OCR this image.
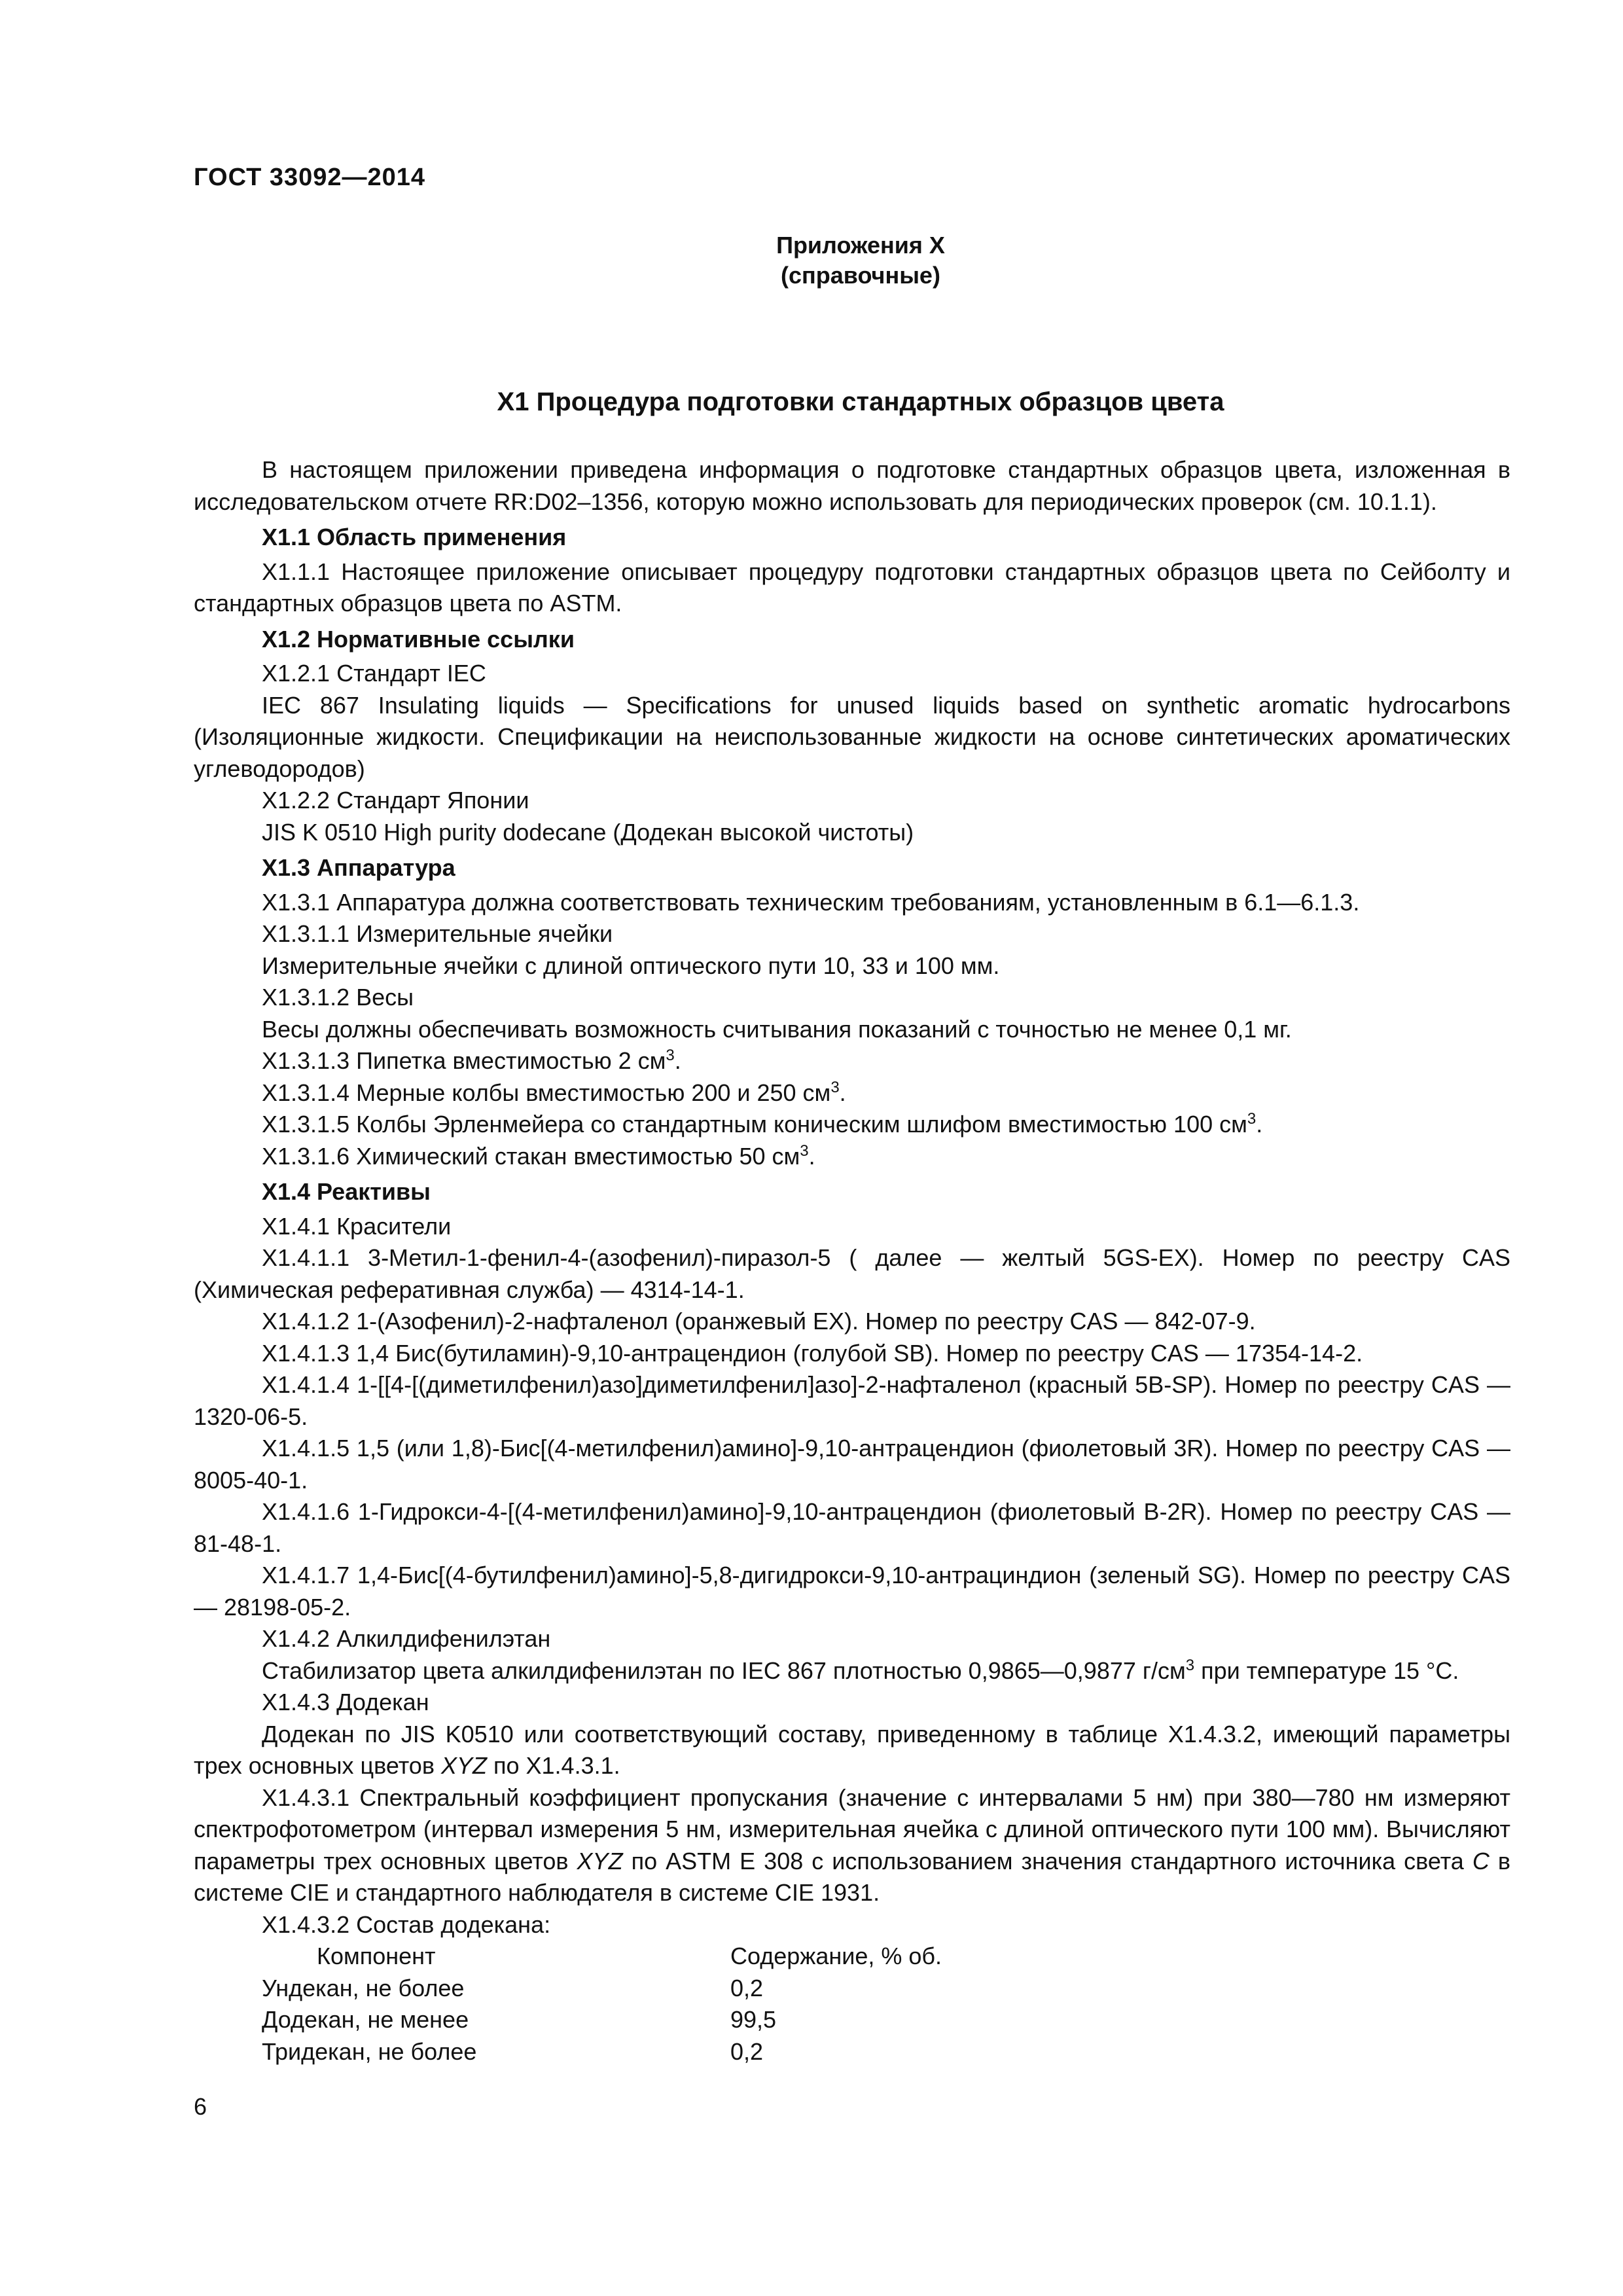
ГОСТ 33092—2014
Приложения Х
(справочные)
Х1 Процедура подготовки стандартных образцов цвета

В настоящем приложении приведена информация о подготовке стандартных образцов цвета, изложенная в исследовательском отчете RR:D02–1356, которую можно использовать для периодических проверок (см. 10.1.1).

Х1.1 Область применения

Х1.1.1 Настоящее приложение описывает процедуру подготовки стандартных образцов цвета по Сейболту и стандартных образцов цвета по ASTM.

Х1.2 Нормативные ссылки

Х1.2.1 Стандарт IEC

IEC 867 Insulating liquids — Specifications for unused liquids based on synthetic aromatic hydrocarbons (Изоляционные жидкости. Спецификации на неиспользованные жидкости на основе синтетических ароматических углеводородов)

Х1.2.2 Стандарт Японии

JIS K 0510 High purity dodecane (Додекан высокой чистоты)

Х1.3 Аппаратура

Х1.3.1 Аппаратура должна соответствовать техническим требованиям, установленным в 6.1—6.1.3.

Х1.3.1.1 Измерительные ячейки

Измерительные ячейки с длиной оптического пути 10, 33 и 100 мм.

Х1.3.1.2 Весы

Весы должны обеспечивать возможность считывания показаний с точностью не менее 0,1 мг.

Х1.3.1.3 Пипетка вместимостью 2 $см^3$.

Х1.3.1.4 Мерные колбы вместимостью 200 и 250 $см^3$.

Х1.3.1.5 Колбы Эрленмейера со стандартным коническим шлифом вместимостью 100 $см^3$.

Х1.3.1.6 Химический стакан вместимостью 50 $см^3$.

Х1.4 Реактивы

Х1.4.1 Красители

Х1.4.1.1 3-Метил-1-фенил-4-(азофенил)-пиразол-5 ( далее — желтый 5GS-EX). Номер по реестру CAS (Химическая реферативная служба) — 4314-14-1.

Х1.4.1.2 1-(Азофенил)-2-нафталенол (оранжевый EX). Номер по реестру CAS — 842-07-9.

Х1.4.1.3 1,4 Бис(бутиламин)-9,10-антрацендион (голубой SB). Номер по реестру CAS — 17354-14-2.

Х1.4.1.4 1-[[4-[(диметилфенил)азо]диметилфенил]азо]-2-нафталенол (красный 5B-SP). Номер по реестру CAS — 1320-06-5.

Х1.4.1.5 1,5 (или 1,8)-Бис[(4-метилфенил)амино]-9,10-антрацендион (фиолетовый 3R). Номер по реестру CAS — 8005-40-1.

Х1.4.1.6 1-Гидрокси-4-[(4-метилфенил)амино]-9,10-антрацендион (фиолетовый B-2R). Номер по реестру CAS — 81-48-1.

Х1.4.1.7 1,4-Бис[(4-бутилфенил)амино]-5,8-дигидрокси-9,10-антрациндион (зеленый SG). Номер по реестру CAS — 28198-05-2.

Х1.4.2 Алкилдифенилэтан

Стабилизатор цвета алкилдифенилэтан по IEC 867 плотностью 0,9865—0,9877 $г/см^3$ при температуре 15 °C.

Х1.4.3 Додекан

Додекан по JIS K0510 или соответствующий составу, приведенному в таблице Х1.4.3.2, имеющий параметры трех основных цветов XYZ по Х1.4.3.1.

Х1.4.3.1 Спектральный коэффициент пропускания (значение с интервалами 5 нм) при 380—780 нм измеряют спектрофотометром (интервал измерения 5 нм, измерительная ячейка с длиной оптического пути 100 мм). Вычисляют параметры трех основных цветов XYZ по ASTM E 308 с использованием значения стандартного источника света C в системе CIE и стандартного наблюдателя в системе CIE 1931.

Х1.4.3.2 Состав додекана:

Компонент	Содержание, % об.
Ундекан, не более	0,2
Додекан, не менее	99,5
Тридекан, не более	0,2
6
